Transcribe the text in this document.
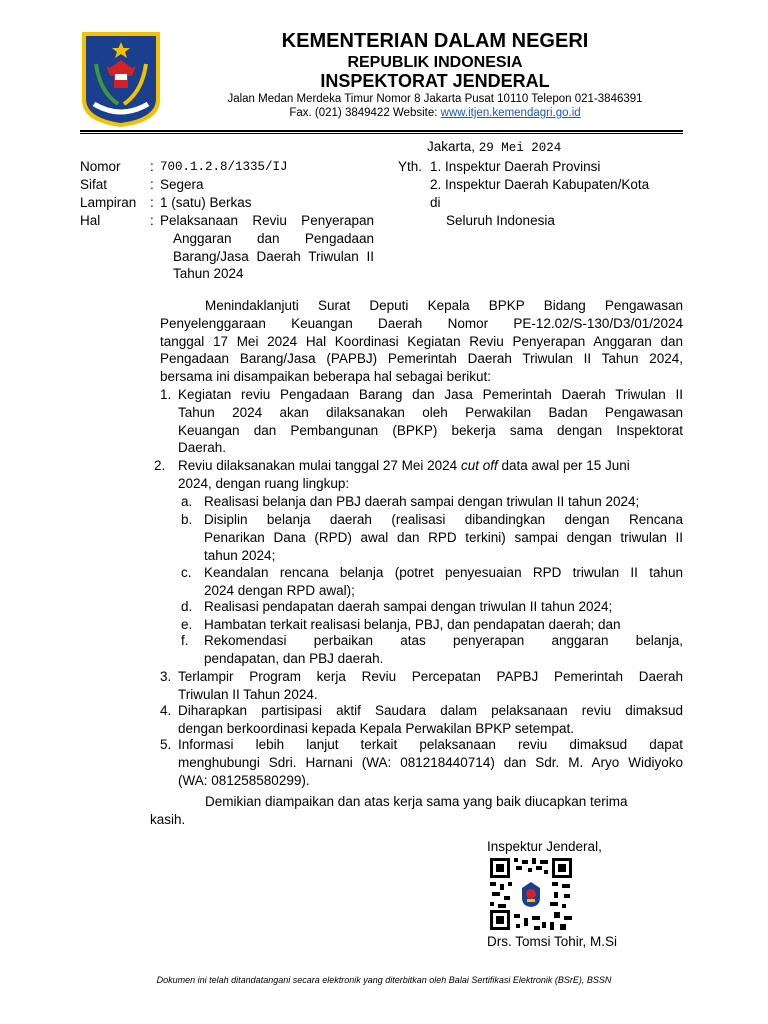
KEMENTERIAN DALAM NEGERI
REPUBLIK INDONESIA
INSPEKTORAT JENDERAL
Jalan Medan Merdeka Timur Nomor 8 Jakarta Pusat 10110 Telepon 021-3846391
Fax. (021) 3849422 Website: www.itjen.kemendagri.go.id
Jakarta, 29 Mei 2024
Nomor : 700.1.2.8/1335/IJ
Sifat	: Segera
Lampiran : 1 (satu) Berkas
Hal	: Pelaksanaan Reviu Penyerapan
Anggaran dan Pengadaan
Barang/Jasa Daerah Triwulan II
Tahun 2024
Yth. 1. Inspektur Daerah Provinsi
2. Inspektur Daerah Kabupaten/Kota
di
Seluruh Indonesia
Menindaklanjuti Surat Deputi Kepala BPKP Bidang Pengawasan
Penyelenggaraan Keuangan Daerah Nomor PE-12.02/S-130/D3/01/2024
tanggal 17 Mei 2024 Hal Koordinasi Kegiatan Reviu Penyerapan Anggaran dan
Pengadaan Barang/Jasa (PAPBJ) Pemerintah Daerah Triwulan II Tahun 2024,
bersama ini disampaikan beberapa hal sebagai berikut:
1. Kegiatan reviu Pengadaan Barang dan Jasa Pemerintah Daerah Triwulan II
Tahun 2024 akan dilaksanakan oleh Perwakilan Badan Pengawasan
Keuangan dan Pembangunan (BPKP) bekerja sama dengan Inspektorat
Daerah.
2. Reviu dilaksanakan mulai tanggal 27 Mei 2024 cut off data awal per 15 Juni
2024, dengan ruang lingkup:
a. Realisasi belanja dan PBJ daerah sampai dengan triwulan II tahun 2024;
b. Disiplin belanja daerah (realisasi dibandingkan dengan Rencana
Penarikan Dana (RPD) awal dan RPD terkini) sampai dengan triwulan II
tahun 2024;
c. Keandalan rencana belanja (potret penyesuaian RPD triwulan II tahun
2024 dengan RPD awal);
d. Realisasi pendapatan daerah sampai dengan triwulan II tahun 2024;
e. Hambatan terkait realisasi belanja, PBJ, dan pendapatan daerah; dan
f. Rekomendasi perbaikan atas penyerapan anggaran belanja,
pendapatan, dan PBJ daerah.
3. Terlampir Program kerja Reviu Percepatan PAPBJ Pemerintah Daerah
Triwulan II Tahun 2024.
4. Diharapkan partisipasi aktif Saudara dalam pelaksanaan reviu dimaksud
dengan berkoordinasi kepada Kepala Perwakilan BPKP setempat.
5. Informasi lebih lanjut terkait pelaksanaan reviu dimaksud dapat
menghubungi Sdri. Harnani (WA: 081218440714) dan Sdr. M. Aryo Widiyoko
(WA: 081258580299).
Demikian diampaikan dan atas kerja sama yang baik diucapkan terima
kasih.
Inspektur Jenderal,
Drs. Tomsi Tohir, M.Si
Dokumen ini telah ditandatangani secara elektronik yang diterbitkan oleh Balai Sertifikasi Elektronik (BSrE), BSSN
